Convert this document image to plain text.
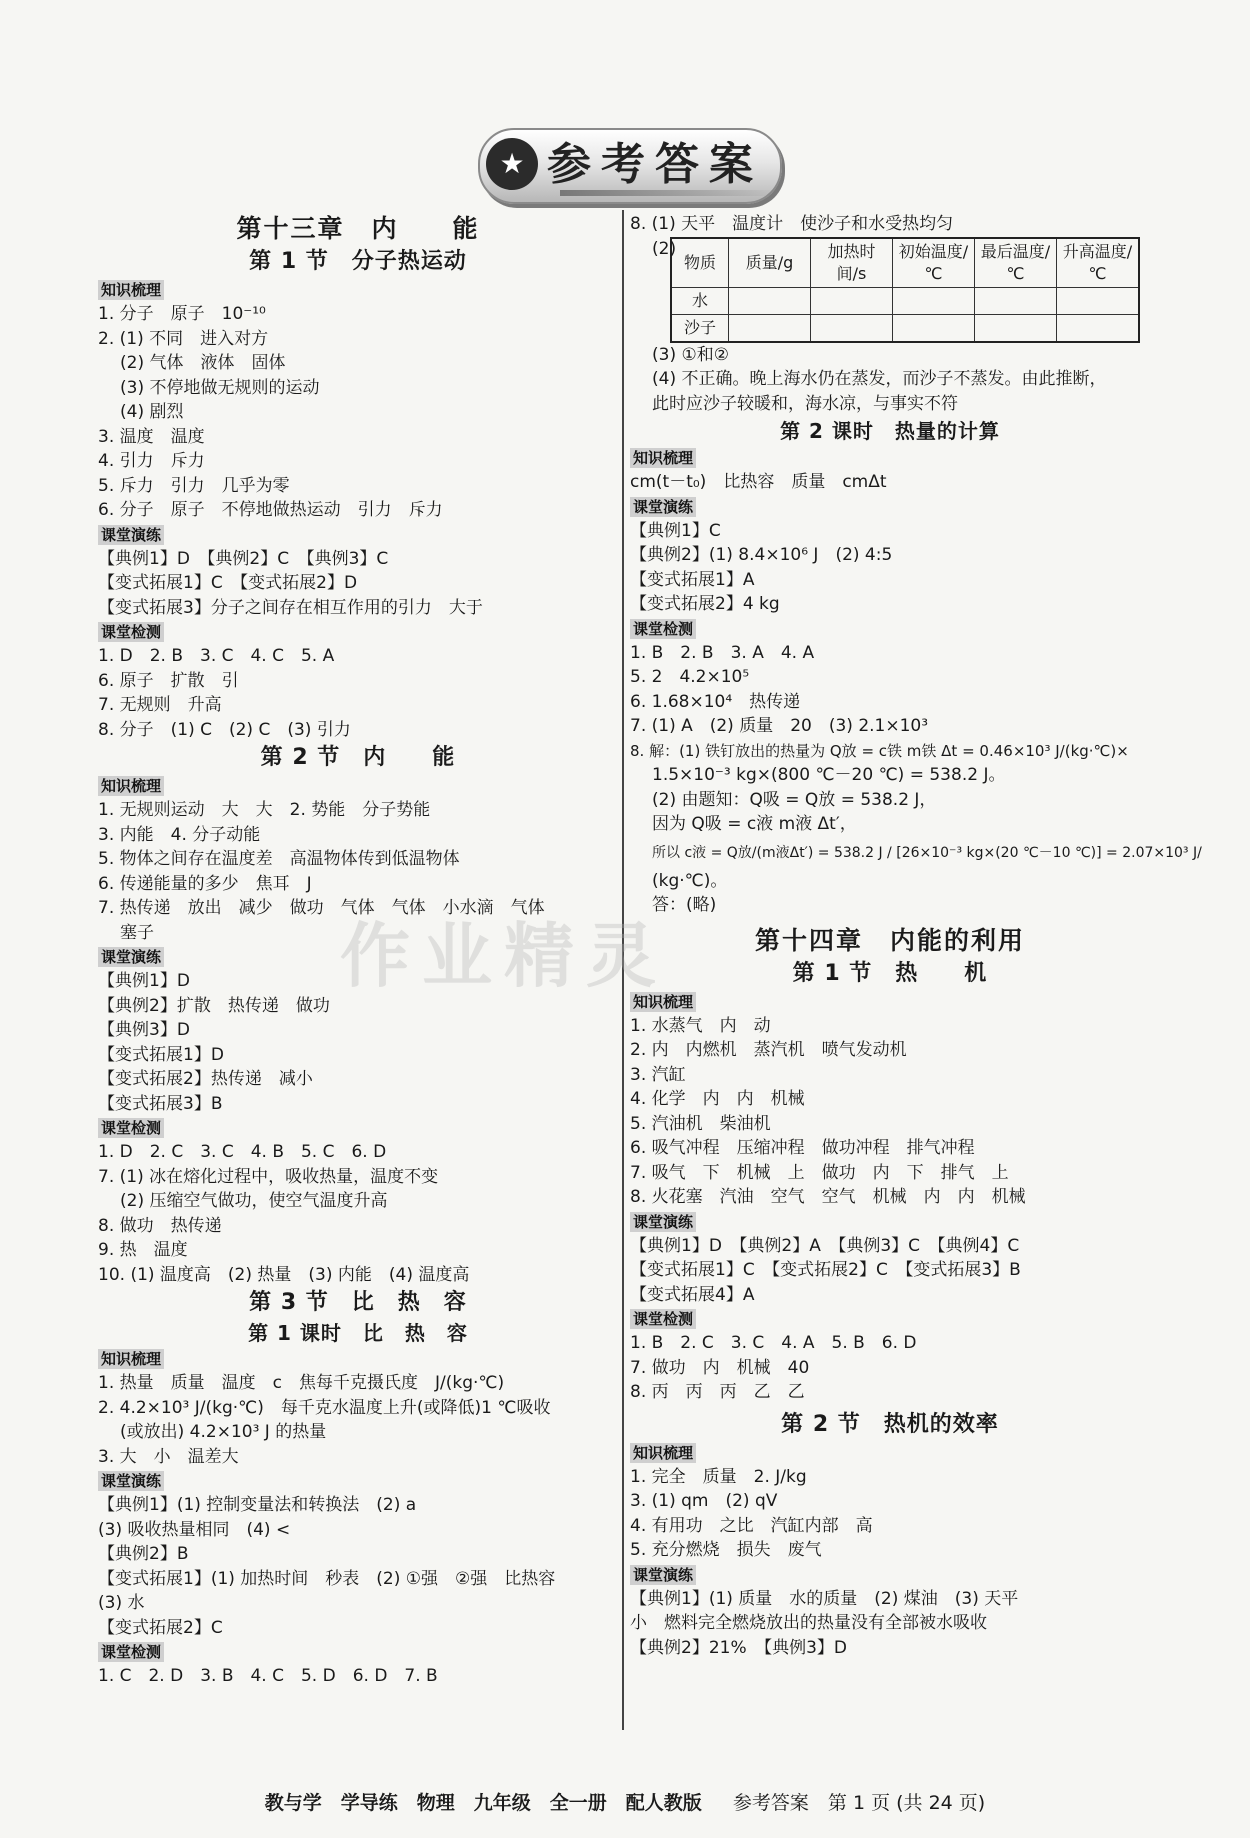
★ 参考答案
第十三章　内　　能
第 1 节　分子热运动
知识梳理
1. 分子　原子　10⁻¹⁰
2. (1) 不同　进入对方
(2) 气体　液体　固体
(3) 不停地做无规则的运动
(4) 剧烈
3. 温度　温度
4. 引力　斥力
5. 斥力　引力　几乎为零
6. 分子　原子　不停地做热运动　引力　斥力
课堂演练
【典例1】D　【典例2】C　【典例3】C
【变式拓展1】C　【变式拓展2】D
【变式拓展3】分子之间存在相互作用的引力　大于
课堂检测
1. D　2. B　3. C　4. C　5. A
6. 原子　扩散　引
7. 无规则　升高
8. 分子　(1) C　(2) C　(3) 引力
第 2 节　内　　能
知识梳理
1. 无规则运动　大　大　2. 势能　分子势能
3. 内能　4. 分子动能
5. 物体之间存在温度差　高温物体传到低温物体
6. 传递能量的多少　焦耳　J
7. 热传递　放出　减少　做功　气体　气体　小水滴　气体
塞子
课堂演练
【典例1】D
【典例2】扩散　热传递　做功
【典例3】D
【变式拓展1】D
【变式拓展2】热传递　减小
【变式拓展3】B
课堂检测
1. D　2. C　3. C　4. B　5. C　6. D
7. (1) 冰在熔化过程中，吸收热量，温度不变
(2) 压缩空气做功，使空气温度升高
8. 做功　热传递
9. 热　温度
10. (1) 温度高　(2) 热量　(3) 内能　(4) 温度高
第 3 节　比　热　容
第 1 课时　比　热　容
知识梳理
1. 热量　质量　温度　c　焦每千克摄氏度　J/(kg·℃)
2. 4.2×10³ J/(kg·℃)　每千克水温度上升(或降低)1 ℃吸收
(或放出) 4.2×10³ J 的热量
3. 大　小　温差大
课堂演练
【典例1】(1) 控制变量法和转换法　(2) a
(3) 吸收热量相同　(4) <
【典例2】B
【变式拓展1】(1) 加热时间　秒表　(2) ①强　②强　比热容
(3) 水
【变式拓展2】C
课堂检测
1. C　2. D　3. B　4. C　5. D　6. D　7. B
8. (1) 天平　温度计　使沙子和水受热均匀
(2)
物质	质量/g	加热时间/s	初始温度/℃	最后温度/℃	升高温度/℃
水					
沙子					
(3) ①和②
(4) 不正确。晚上海水仍在蒸发，而沙子不蒸发。由此推断，
此时应沙子较暖和，海水凉，与事实不符
第 2 课时　热量的计算
知识梳理
cm(t－t₀)　比热容　质量　cmΔt
课堂演练
【典例1】C
【典例2】(1) 8.4×10⁶ J　(2) 4:5
【变式拓展1】A
【变式拓展2】4 kg
课堂检测
1. B　2. B　3. A　4. A
5. 2　4.2×10⁵
6. 1.68×10⁴　热传递
7. (1) A　(2) 质量　20　(3) 2.1×10³
8. 解：(1) 铁钉放出的热量为 Q放 = c铁 m铁 Δt = 0.46×10³ J/(kg·℃)×
1.5×10⁻³ kg×(800 ℃－20 ℃) = 538.2 J。
(2) 由题知：Q吸 = Q放 = 538.2 J，
因为 Q吸 = c液 m液 Δt′，
所以 c液 = Q放/(m液Δt′) = 538.2 J / [26×10⁻³ kg×(20 ℃－10 ℃)] = 2.07×10³ J/
(kg·℃)。
答：(略)
第十四章　内能的利用
第 1 节　热　　机
知识梳理
1. 水蒸气　内　动
2. 内　内燃机　蒸汽机　喷气发动机
3. 汽缸
4. 化学　内　内　机械
5. 汽油机　柴油机
6. 吸气冲程　压缩冲程　做功冲程　排气冲程
7. 吸气　下　机械　上　做功　内　下　排气　上
8. 火花塞　汽油　空气　空气　机械　内　内　机械
课堂演练
【典例1】D　【典例2】A　【典例3】C　【典例4】C
【变式拓展1】C　【变式拓展2】C　【变式拓展3】B
【变式拓展4】A
课堂检测
1. B　2. C　3. C　4. A　5. B　6. D
7. 做功　内　机械　40
8. 丙　丙　丙　乙　乙
第 2 节　热机的效率
知识梳理
1. 完全　质量　2. J/kg
3. (1) qm　(2) qV
4. 有用功　之比　汽缸内部　高
5. 充分燃烧　损失　废气
课堂演练
【典例1】(1) 质量　水的质量　(2) 煤油　(3) 天平
小　燃料完全燃烧放出的热量没有全部被水吸收
【典例2】21%　【典例3】D
作业精灵
教与学　学导练　物理　九年级　全一册　配人教版 　 参考答案　第 1 页 (共 24 页)
